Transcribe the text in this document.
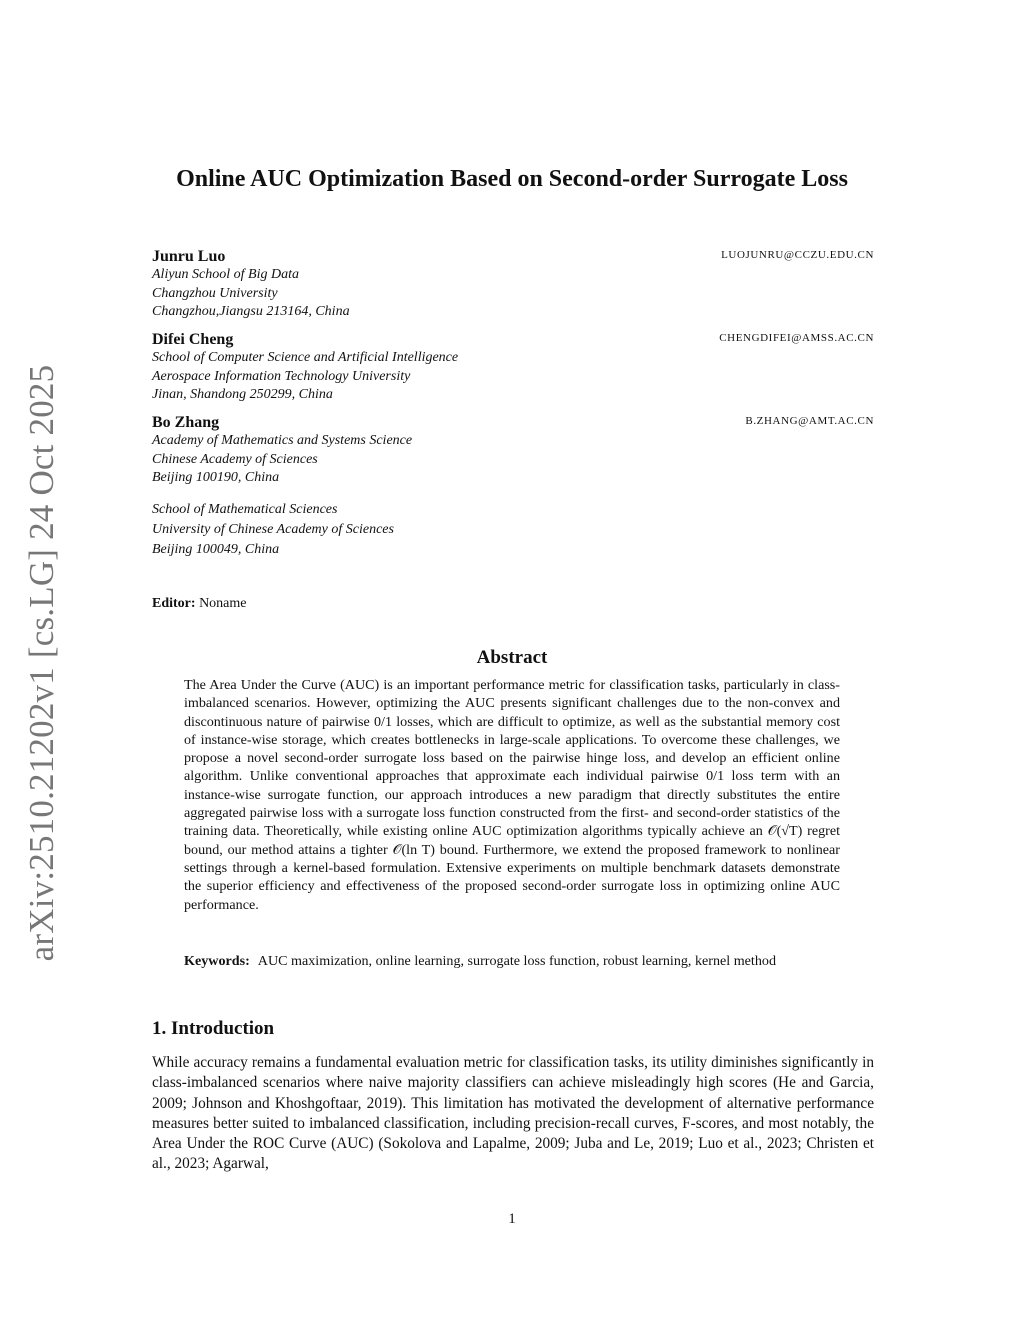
arXiv:2510.21202v1 [cs.LG] 24 Oct 2025
Online AUC Optimization Based on Second-order Surrogate Loss
Junru Luo	LUOJUNRU@CCZU.EDU.CN
Aliyun School of Big Data
Changzhou University
Changzhou,Jiangsu 213164, China
Difei Cheng	CHENGDIFEI@AMSS.AC.CN
School of Computer Science and Artificial Intelligence
Aerospace Information Technology University
Jinan, Shandong 250299, China
Bo Zhang	B.ZHANG@AMT.AC.CN
Academy of Mathematics and Systems Science
Chinese Academy of Sciences
Beijing 100190, China
School of Mathematical Sciences
University of Chinese Academy of Sciences
Beijing 100049, China
Editor: Noname
Abstract
The Area Under the Curve (AUC) is an important performance metric for classification tasks, particularly in class-imbalanced scenarios. However, optimizing the AUC presents significant challenges due to the non-convex and discontinuous nature of pairwise 0/1 losses, which are difficult to optimize, as well as the substantial memory cost of instance-wise storage, which creates bottlenecks in large-scale applications. To overcome these challenges, we propose a novel second-order surrogate loss based on the pairwise hinge loss, and develop an efficient online algorithm. Unlike conventional approaches that approximate each individual pairwise 0/1 loss term with an instance-wise surrogate function, our approach introduces a new paradigm that directly substitutes the entire aggregated pairwise loss with a surrogate loss function constructed from the first- and second-order statistics of the training data. Theoretically, while existing online AUC optimization algorithms typically achieve an 𝒪(√T) regret bound, our method attains a tighter 𝒪(ln T) bound. Furthermore, we extend the proposed framework to nonlinear settings through a kernel-based formulation. Extensive experiments on multiple benchmark datasets demonstrate the superior efficiency and effectiveness of the proposed second-order surrogate loss in optimizing online AUC performance.
Keywords: AUC maximization, online learning, surrogate loss function, robust learning, kernel method
1. Introduction
While accuracy remains a fundamental evaluation metric for classification tasks, its utility diminishes significantly in class-imbalanced scenarios where naive majority classifiers can achieve misleadingly high scores (He and Garcia, 2009; Johnson and Khoshgoftaar, 2019). This limitation has motivated the development of alternative performance measures better suited to imbalanced classification, including precision-recall curves, F-scores, and most notably, the Area Under the ROC Curve (AUC) (Sokolova and Lapalme, 2009; Juba and Le, 2019; Luo et al., 2023; Christen et al., 2023; Agarwal,
1
